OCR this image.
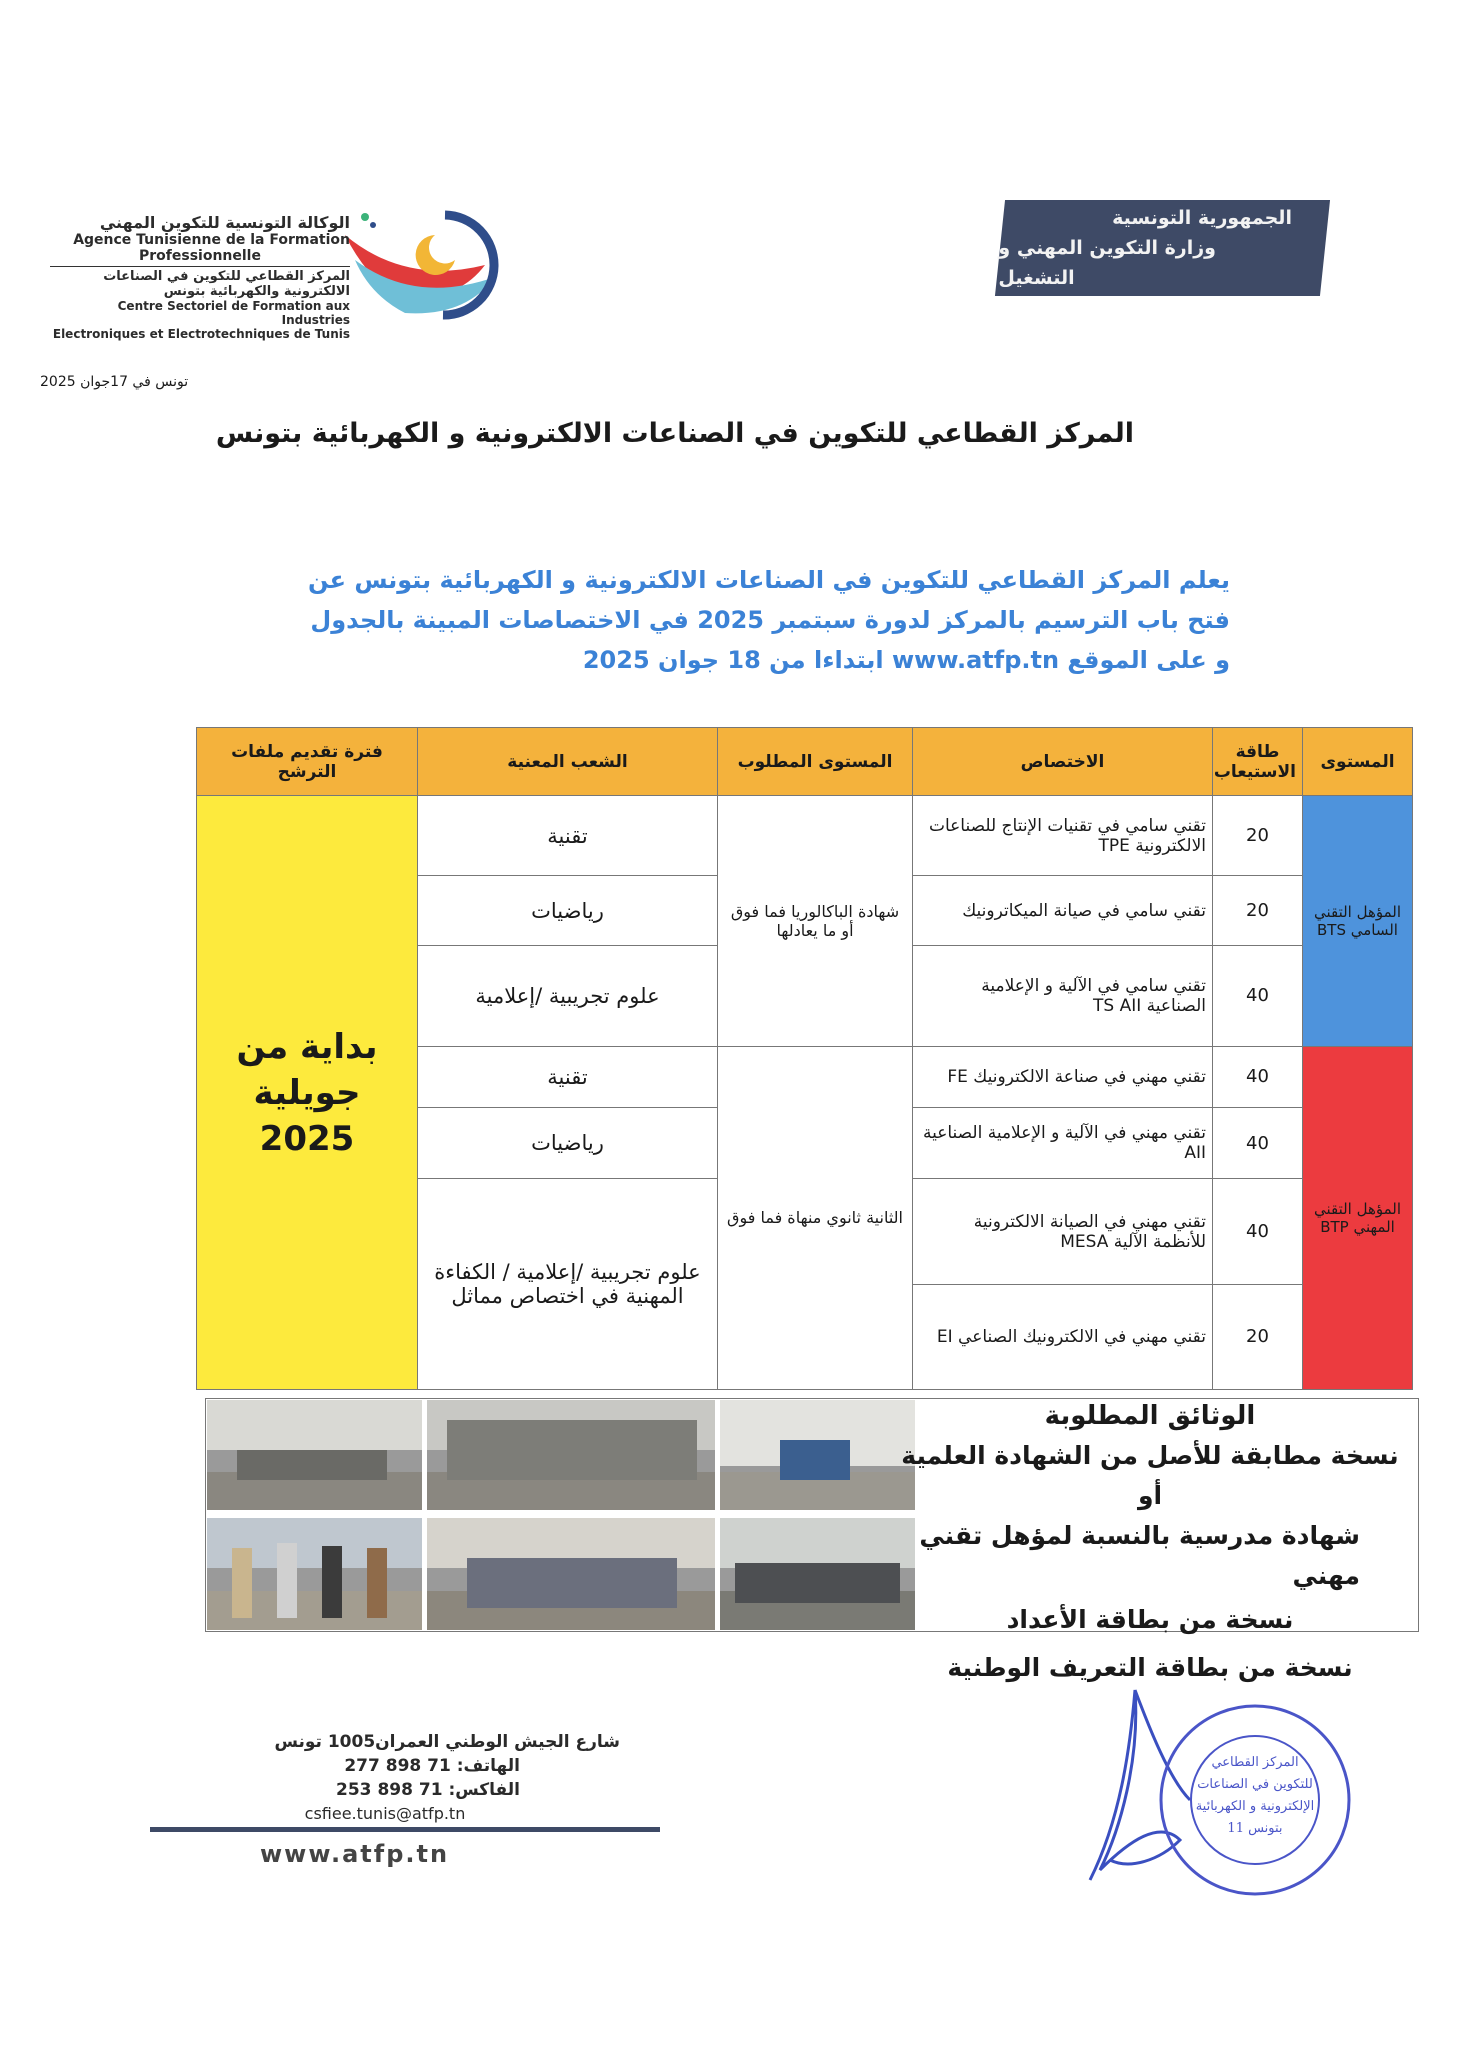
الجمهورية التونسية
وزارة التكوين المهني و التشغيل
الوكالة التونسية للتكوين المهني
Agence Tunisienne de la Formation
Professionnelle
المركز القطاعي للتكوين في الصناعات
الالكترونية والكهربائية بتونس
Centre Sectoriel de Formation aux Industries
Electroniques et Electrotechniques de Tunis
تونس في 17جوان 2025
المركز القطاعي للتكوين في الصناعات الالكترونية و الكهربائية بتونس
يعلم المركز القطاعي للتكوين في الصناعات الالكترونية و الكهربائية بتونس عن
فتح باب الترسيم بالمركز لدورة سبتمبر 2025 في الاختصاصات المبينة بالجدول
و على الموقع www.atfp.tn ابتداءا من 18 جوان 2025
المستوى	طاقة الاستيعاب	الاختصاص	المستوى المطلوب	الشعب المعنية	فترة تقديم ملفات الترشح
المؤهل التقني السامي BTS	20	تقني سامي في تقنيات الإنتاج للصناعات الالكترونية TPE	شهادة الباكالوريا فما فوق أو ما يعادلها	تقنية	بداية من
جويلية 2025

	20	تقني سامي في صيانة الميكاترونيك		رياضيات	
	40	تقني سامي في الآلية و الإعلامية الصناعية TS AII		علوم تجريبية /إعلامية	
المؤهل التقني المهني BTP	40	تقني مهني في صناعة الالكترونيك FE	الثانية ثانوي منهاة فما فوق	تقنية	
	40	تقني مهني في الآلية و الإعلامية الصناعية AII		رياضيات	
	40	تقني مهني في الصيانة الالكترونية للأنظمة الآلية MESA		علوم تجريبية /إعلامية / الكفاءة المهنية في اختصاص مماثل	
	20	تقني مهني في الالكترونيك الصناعي EI			
الوثائق المطلوبة
نسخة مطابقة للأصل من الشهادة العلمية أو
شهادة مدرسية بالنسبة لمؤهل تقني مهني
نسخة من بطاقة الأعداد
نسخة من بطاقة التعريف الوطنية
شارع الجيش الوطني العمران1005 تونس
الهاتف: 71 898 277
الفاكس: 71 898 253
csfiee.tunis@atfp.tn
www.atfp.tn
المركز القطاعي
للتكوين في الصناعات
الإلكترونية و الكهربائية
بتونس 11
